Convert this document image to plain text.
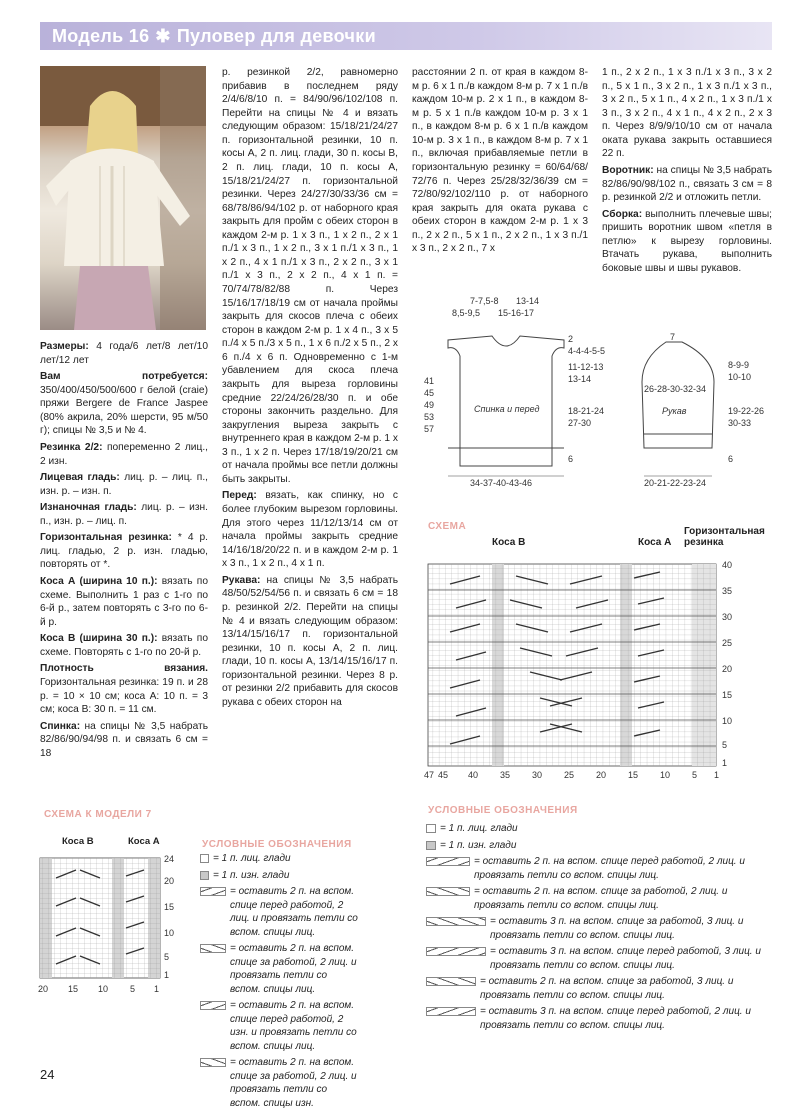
Модель 16 ✱ Пуловер для девочки

Размеры: 4 года/6 лет/8 лет/10 лет/12 лет

Вам потребуется: 350/400/450/500/600 г белой (craie) пряжи Bergere de France Jaspee (80% акрила, 20% шерсти, 95 м/50 г); спицы № 3,5 и № 4.

Резинка 2/2: попеременно 2 лиц., 2 изн.

Лицевая гладь: лиц. р. – лиц. п., изн. р. – изн. п.

Изнаночная гладь: лиц. р. – изн. п., изн. р. – лиц. п.

Горизонтальная резинка: * 4 р. лиц. гладью, 2 р. изн. гладью, повторять от *.

Коса А (ширина 10 п.): вязать по схеме. Выполнить 1 раз с 1-го по 6-й р., затем повторять с 3-го по 6-й р.

Коса В (ширина 30 п.): вязать по схеме. Повторять с 1-го по 20-й р.

Плотность вязания. Горизонтальная резинка: 19 п. и 28 р. = 10 × 10 см; коса А: 10 п. = 3 см; коса В: 30 п. = 11 см.

Спинка: на спицы № 3,5 набрать 82/86/90/94/98 п. и связать 6 см = 18

р. резинкой 2/2, равномерно прибавив в последнем ряду 2/4/6/8/10 п. = 84/90/96/102/108 п. Перейти на спицы № 4 и вязать следующим образом: 15/18/21/24/27 п. горизонтальной резинки, 10 п. косы А, 2 п. лиц. глади, 30 п. косы В, 2 п. лиц. глади, 10 п. косы А, 15/18/21/24/27 п. горизонтальной резинки. Через 24/27/30/33/36 см = 68/78/86/94/102 р. от наборного края закрыть для пройм с обеих сторон в каждом 2-м р. 1 х 3 п., 1 х 2 п., 2 х 1 п./1 х 3 п., 1 х 2 п., 3 х 1 п./1 х 3 п., 1 х 2 п., 4 х 1 п./1 х 3 п., 2 х 2 п., 3 х 1 п./1 х 3 п., 2 х 2 п., 4 х 1 п. = 70/74/78/82/88 п. Через 15/16/17/18/19 см от начала проймы закрыть для скосов плеча с обеих сторон в каждом 2-м р. 1 х 4 п., 3 х 5 п./4 х 5 п./3 х 5 п., 1 х 6 п./2 х 5 п., 2 х 6 п./4 х 6 п. Одновременно с 1-м убавлением для скоса плеча закрыть для выреза горловины средние 22/24/26/28/30 п. и обе стороны закончить раздельно. Для закругления выреза закрыть с внутреннего края в каждом 2-м р. 1 х 3 п., 1 х 2 п. Через 17/18/19/20/21 см от начала проймы все петли должны быть закрыты.

Перед: вязать, как спинку, но с более глубоким вырезом горловины. Для этого через 11/12/13/14 см от начала проймы закрыть средние 14/16/18/20/22 п. и в каждом 2-м р. 1 х 3 п., 1 х 2 п., 4 х 1 п.

Рукава: на спицы № 3,5 набрать 48/50/52/54/56 п. и связать 6 см = 18 р. резинкой 2/2. Перейти на спицы № 4 и вязать следующим образом: 13/14/15/16/17 п. горизонтальной резинки, 10 п. косы А, 2 п. лиц. глади, 10 п. косы А, 13/14/15/16/17 п. горизонтальной резинки. Через 8 р. от резинки 2/2 прибавить для скосов рукава с обеих сторон на

расстоянии 2 п. от края в каждом 8-м р. 6 х 1 п./в каждом 8-м р. 7 х 1 п./в каждом 10-м р. 2 х 1 п., в каждом 8-м р. 5 х 1 п./в каждом 10-м р. 3 х 1 п., в каждом 8-м р. 6 х 1 п./в каждом 10-м р. 3 х 1 п., в каждом 8-м р. 7 х 1 п., включая прибавляемые петли в горизонтальную резинку = 60/64/68/ 72/76 п. Через 25/28/32/36/39 см = 72/80/92/102/110 р. от наборного края закрыть для оката рукава с обеих сторон в каждом 2-м р. 1 х 3 п., 2 х 2 п., 5 х 1 п., 2 х 2 п., 1 х 3 п./1 х 3 п., 2 х 2 п., 7 х

1 п., 2 х 2 п., 1 х 3 п./1 х 3 п., 3 х 2 п., 5 х 1 п., 3 х 2 п., 1 х 3 п./1 х 3 п., 3 х 2 п., 5 х 1 п., 4 х 2 п., 1 х 3 п./1 х 3 п., 3 х 2 п., 4 х 1 п., 4 х 2 п., 2 х 3 п. Через 8/9/9/10/10 см от начала оката рукава закрыть оставшиеся 22 п.

Воротник: на спицы № 3,5 набрать 82/86/90/98/102 п., связать 3 см = 8 р. резинкой 2/2 и отложить петли.

Сборка: выполнить плечевые швы; пришить воротник швом «петля в петлю» к вырезу горловины. Втачать рукава, выполнить боковые швы и швы рукавов.

7-7,5-8 13-14
8,5-9,5 15-16-17
2
4-4-4-5-5
11-12-13
13-14
18-21-24
27-30
6
41
45
49
53
57
Спинка и перед
34-37-40-43-46
7
26-28-30-32-34
Рукав
8-9-9
10-10
19-22-26
30-33
6
20-21-22-23-24
СХЕМА
Коса В	Коса А
Горизонтальная
резинка
40
35
30
25
20
15
10
5
1
47 45 40 35 30 25 20 15 10 5 1
СХЕМА К МОДЕЛИ 7
Коса В	Коса А
24
20
15
10
5
1
20 15 10 5 1
УСЛОВНЫЕ ОБОЗНАЧЕНИЯ
= 1 п. лиц. глади
= 1 п. изн. глади
= оставить 2 п. на вспом. спице перед работой, 2 лиц. и провязать петли со вспом. спицы лиц.
= оставить 2 п. на вспом. спице за работой, 2 лиц. и провязать петли со вспом. спицы лиц.
= оставить 2 п. на вспом. спице перед работой, 2 изн. и провязать петли со вспом. спицы лиц.
= оставить 2 п. на вспом. спице за работой, 2 лиц. и провязать петли со вспом. спицы изн.
УСЛОВНЫЕ ОБОЗНАЧЕНИЯ
= 1 п. лиц. глади
= 1 п. изн. глади
= оставить 2 п. на вспом. спице перед работой, 2 лиц. и провязать петли со вспом. спицы лиц.
= оставить 2 п. на вспом. спице за работой, 2 лиц. и провязать петли со вспом. спицы лиц.
= оставить 3 п. на вспом. спице за работой, 3 лиц. и провязать петли со вспом. спицы лиц.
= оставить 3 п. на вспом. спице перед работой, 3 лиц. и провязать петли со вспом. спицы лиц.
= оставить 2 п. на вспом. спице за работой, 3 лиц. и провязать петли со вспом. спицы лиц.
= оставить 3 п. на вспом. спице перед работой, 2 лиц. и провязать петли со вспом. спицы лиц.
24
